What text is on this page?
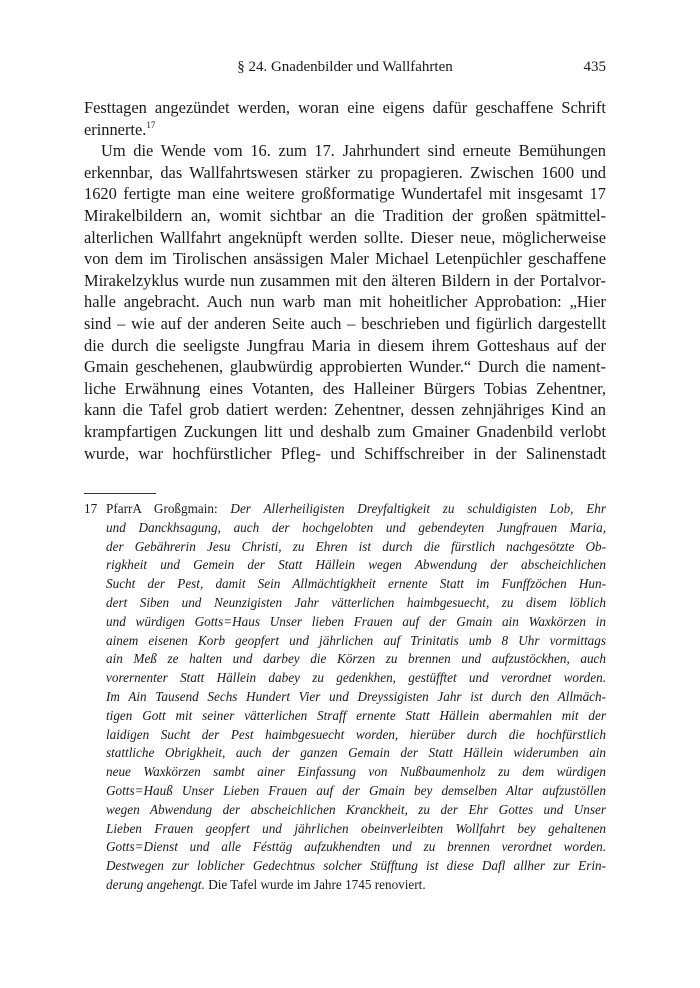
§ 24. Gnadenbilder und Wallfahrten	435
Festtagen angezündet werden, woran eine eigens dafür geschaffene Schrift
erinnerte.$^{17}$
Um die Wende vom 16. zum 17. Jahrhundert sind erneute Bemühungen
erkennbar, das Wallfahrtswesen stärker zu propagieren. Zwischen 1600 und
1620 fertigte man eine weitere großformatige Wundertafel mit insgesamt 17
Mirakelbildern an, womit sichtbar an die Tradition der großen spätmittel-
alterlichen Wallfahrt angeknüpft werden sollte. Dieser neue, möglicherweise
von dem im Tirolischen ansässigen Maler Michael Letenpüchler geschaffene
Mirakelzyklus wurde nun zusammen mit den älteren Bildern in der Portalvor-
halle angebracht. Auch nun warb man mit hoheitlicher Approbation: „Hier
sind – wie auf der anderen Seite auch – beschrieben und figürlich dargestellt
die durch die seeligste Jungfrau Maria in diesem ihrem Gotteshaus auf der
Gmain geschehenen, glaubwürdig approbierten Wunder.“ Durch die nament-
liche Erwähnung eines Votanten, des Halleiner Bürgers Tobias Zehentner,
kann die Tafel grob datiert werden: Zehentner, dessen zehnjähriges Kind an
krampfartigen Zuckungen litt und deshalb zum Gmainer Gnadenbild verlobt
wurde, war hochfürstlicher Pfleg- und Schiffschreiber in der Salinenstadt
17 PfarrA Großgmain: Der Allerheiligisten Dreyfaltigkeit zu schuldigisten Lob, Ehr
und Danckhsagung, auch der hochgelobten und gebendeyten Jungfrauen Maria,
der Gebährerin Jesu Christi, zu Ehren ist durch die fürstlich nachgesötzte Ob-
rigkheit und Gemein der Statt Hällein wegen Abwendung der abscheichlichen
Sucht der Pest, damit Sein Allmächtigkheit ernente Statt im Funffzöchen Hun-
dert Siben und Neunzigisten Jahr vätterlichen haimbgesuecht, zu disem löblich
und würdigen Gotts=Haus Unser lieben Frauen auf der Gmain ain Waxkörzen in
ainem eisenen Korb geopfert und jährlichen auf Trinitatis umb 8 Uhr vormittags
ain Meß ze halten und darbey die Körzen zu brennen und aufzustöckhen, auch
vorernenter Statt Hällein dabey zu gedenkhen, gestüfftet und verordnet worden.
Im Ain Tausend Sechs Hundert Vier und Dreyssigisten Jahr ist durch den Allmäch-
tigen Gott mit seiner vätterlichen Straff ernente Statt Hällein abermahlen mit der
laidigen Sucht der Pest haimbgesuecht worden, hierüber durch die hochfürstlich
stattliche Obrigkheit, auch der ganzen Gemain der Statt Hällein widerumben ain
neue Waxkörzen sambt ainer Einfassung von Nußbaumenholz zu dem würdigen
Gotts=Hauß Unser Lieben Frauen auf der Gmain bey demselben Altar aufzustöllen
wegen Abwendung der abscheichlichen Kranckheit, zu der Ehr Gottes und Unser
Lieben Frauen geopfert und jährlichen obeinverleibten Wollfahrt bey gehaltenen
Gotts=Dienst und alle Fésttäg aufzukhendten und zu brennen verordnet worden.
Destwegen zur loblicher Gedechtnus solcher Stüfftung ist diese Dafl allher zur Erin-
derung angehengt. Die Tafel wurde im Jahre 1745 renoviert.
